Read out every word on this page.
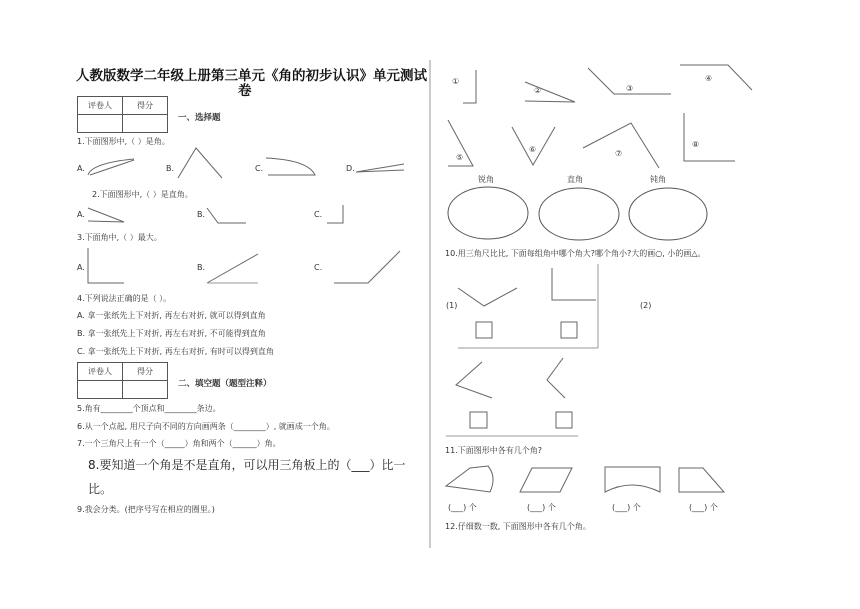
人教版数学二年级上册第三单元《角的初步认识》单元测试
卷
评卷人	得分

一、选择题
1.下面图形中,（ ）是角。
A.	B.	C.	D.
2.下面图形中,（ ）是直角。
A.	B.	C.
3.下面角中,（ ）最大。
A.	B.	C.
4.下列说法正确的是（ ）。
A. 拿一张纸先上下对折, 再左右对折, 就可以得到直角
B. 拿一张纸先上下对折, 再左右对折, 不可能得到直角
C. 拿一张纸先上下对折, 再左右对折, 有时可以得到直角
评卷人	得分

二、填空题（题型注释）
5.角有________个顶点和________条边。
6.从一个点起, 用尺子向不同的方向画两条（________）, 就画成一个角。
7.一个三角尺上有一个（_____）角和两个（______）角。
8.要知道一个角是不是直角，可以用三角板上的（___）比一
比。
9.我会分类。(把序号写在相应的圈里。)
①
②	③
④
⑤
⑥	⑦
⑧
锐角	直角	钝角
10.用三角尺比比, 下面每组角中哪个角大?哪个角小?大的画○, 小的画△。
(1)	(2)
11.下面图形中各有几个角?
(___) 个	(___) 个	(___) 个	(___) 个
12.仔细数一数, 下面图形中各有几个角。
